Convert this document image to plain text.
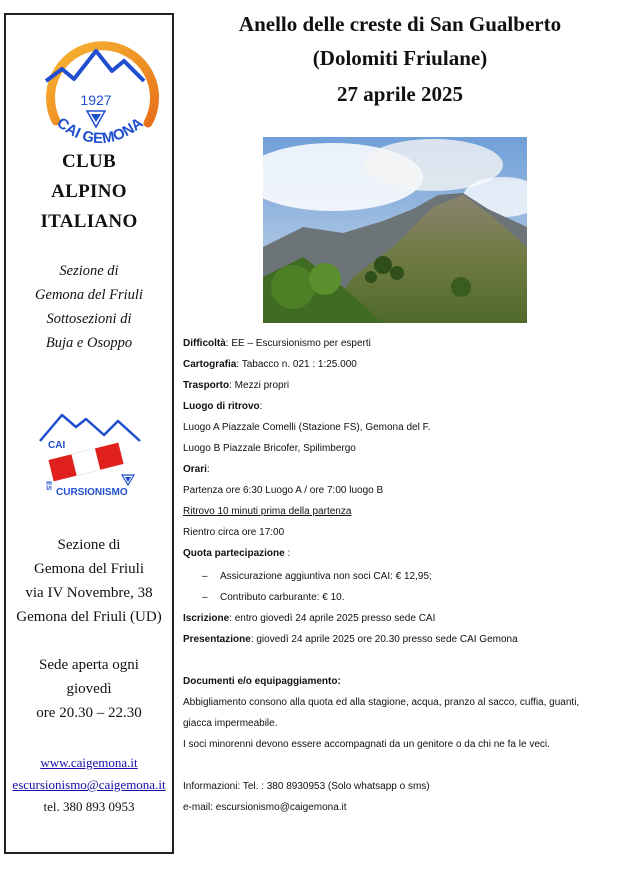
1927
CAI GEMONA
CLUB
ALPINO
ITALIANO
Sezione di
Gemona del Friuli
Sottosezioni di
Buja e Osoppo
CAI
ES
CURSIONISMO
Sezione di
Gemona del Friuli
via IV Novembre, 38
Gemona del Friuli (UD)
Sede aperta ogni
giovedì
ore 20.30 – 22.30
www.caigemona.it
escursionismo@caigemona.it
tel. 380 893 0953
Anello delle creste di San Gualberto
(Dolomiti Friulane)
27 aprile 2025
Difficoltà: EE – Escursionismo per esperti
Cartografia: Tabacco n. 021 : 1:25.000
Trasporto: Mezzi propri
Luogo di ritrovo:
Luogo A Piazzale Comelli (Stazione FS), Gemona del F.
Luogo B Piazzale Bricofer, Spilimbergo
Orari:
Partenza ore 6:30 Luogo A / ore 7:00 luogo B
Ritrovo 10 minuti prima della partenza
Rientro circa ore 17:00
Quota partecipazione :
– Assicurazione aggiuntiva non soci CAI: € 12,95;
– Contributo carburante: € 10.
Iscrizione: entro giovedì 24 aprile 2025 presso sede CAI
Presentazione: giovedì 24 aprile 2025 ore 20.30 presso sede CAI Gemona
Documenti e/o equipaggiamento:
Abbigliamento consono alla quota ed alla stagione, acqua, pranzo al sacco, cuffia, guanti,
giacca impermeabile.
I soci minorenni devono essere accompagnati da un genitore o da chi ne fa le veci.
Informazioni: Tel. : 380 8930953 (Solo whatsapp o sms)
e-mail: escursionismo@caigemona.it
